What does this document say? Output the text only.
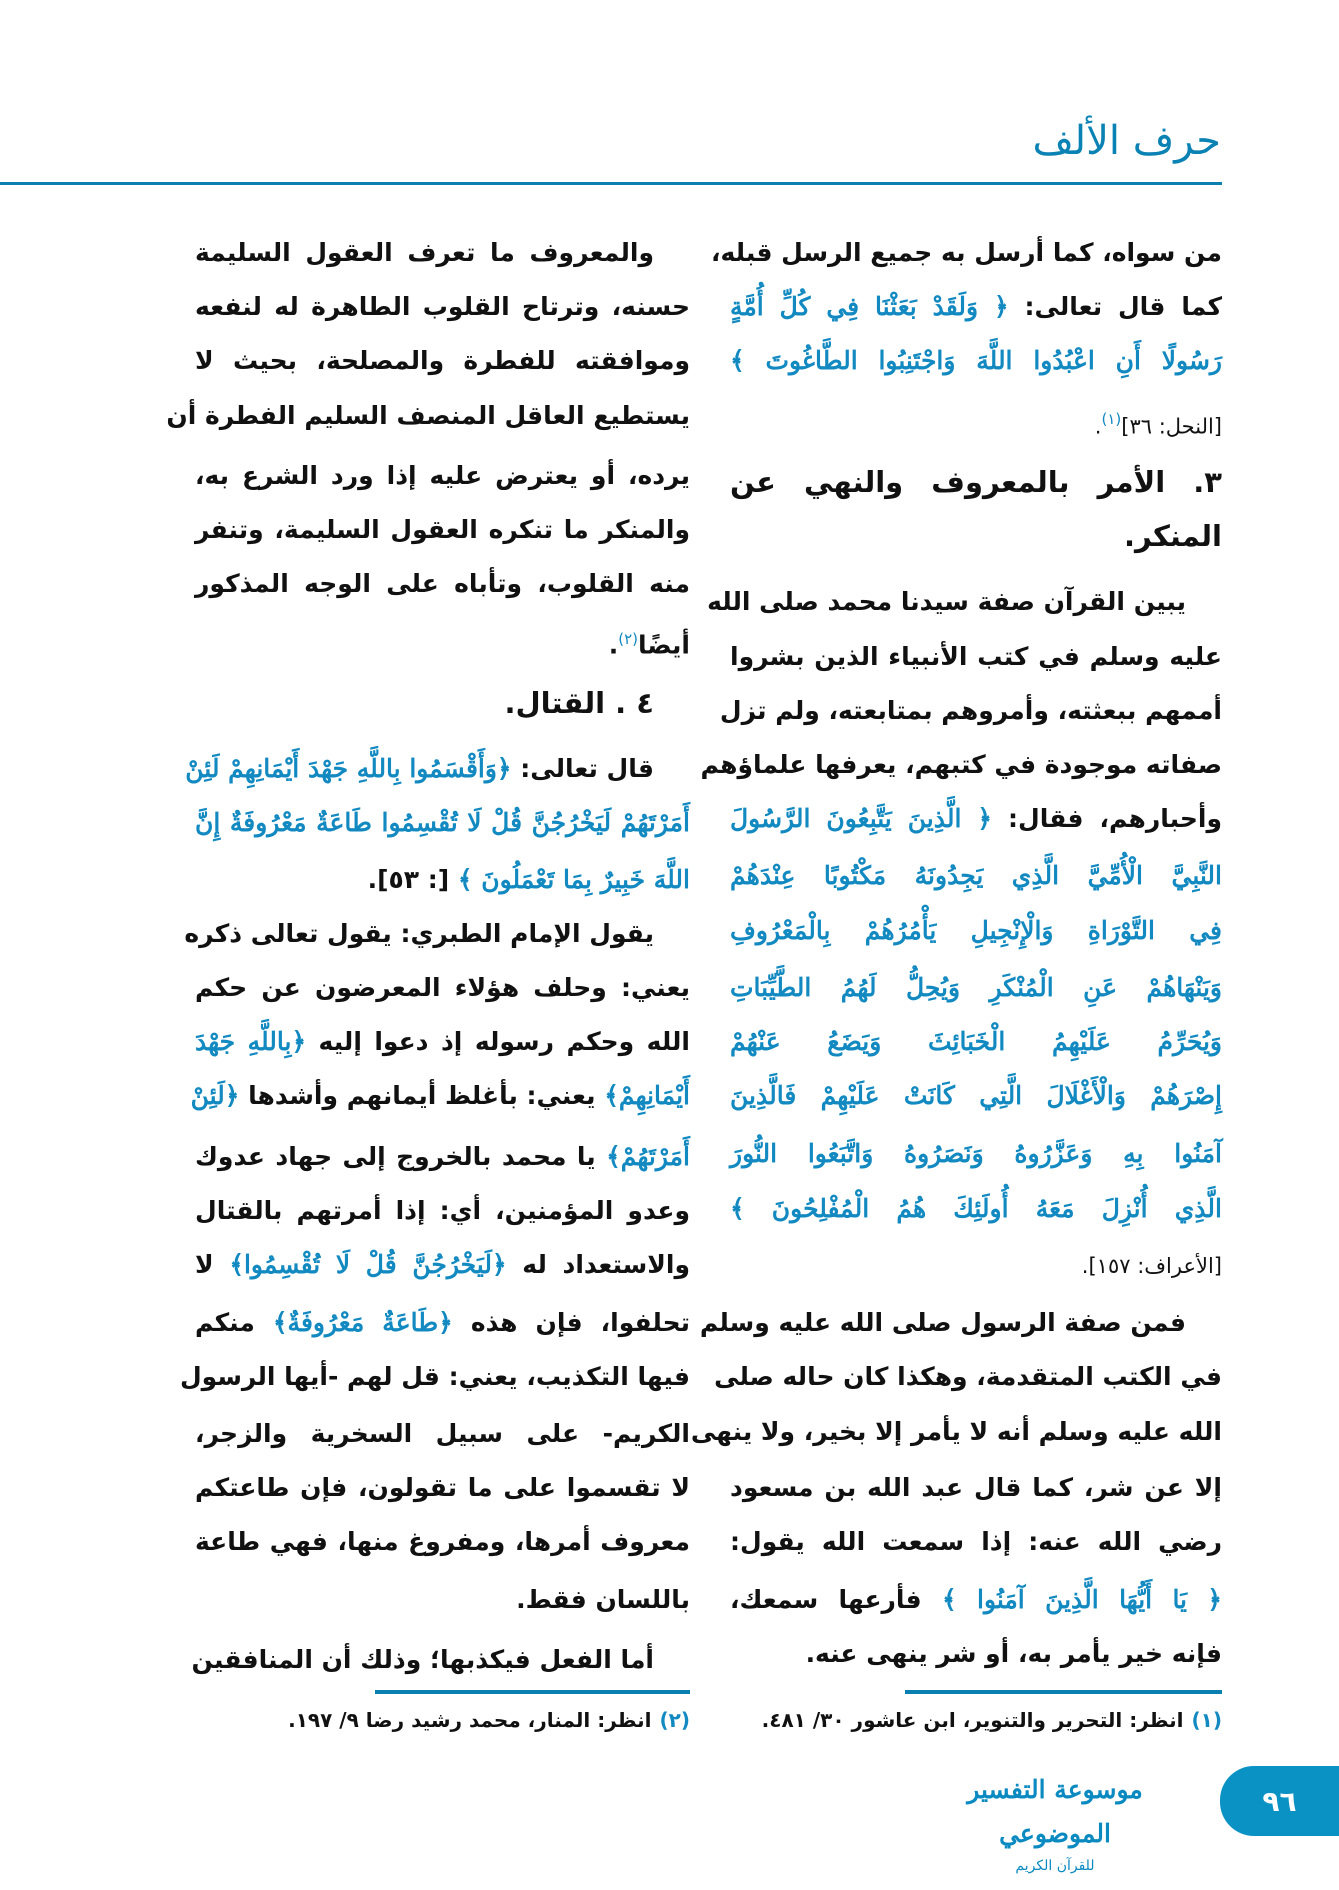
حرف الألف
من سواه، كما أرسل به جميع الرسل قبله،
كما قال تعالى: ﴿ وَلَقَدْ بَعَثْنَا فِي كُلِّ أُمَّةٍ
رَسُولًا أَنِ اعْبُدُوا اللَّهَ وَاجْتَنِبُوا الطَّاغُوتَ ﴾
[النحل: ٣٦]$^{(١)}$.
٣. الأمر بالمعروف والنهي عن
المنكر.
يبين القرآن صفة سيدنا محمد صلى الله
عليه وسلم في كتب الأنبياء الذين بشروا
أممهم ببعثته، وأمروهم بمتابعته، ولم تزل
صفاته موجودة في كتبهم، يعرفها علماؤهم
وأحبارهم، فقال: ﴿ الَّذِينَ يَتَّبِعُونَ الرَّسُولَ
النَّبِيَّ الْأُمِّيَّ الَّذِي يَجِدُونَهُ مَكْتُوبًا عِنْدَهُمْ
فِي التَّوْرَاةِ وَالْإِنْجِيلِ يَأْمُرُهُمْ بِالْمَعْرُوفِ
وَيَنْهَاهُمْ عَنِ الْمُنْكَرِ وَيُحِلُّ لَهُمُ الطَّيِّبَاتِ
وَيُحَرِّمُ عَلَيْهِمُ الْخَبَائِثَ وَيَضَعُ عَنْهُمْ
إِصْرَهُمْ وَالْأَغْلَالَ الَّتِي كَانَتْ عَلَيْهِمْ فَالَّذِينَ
آمَنُوا بِهِ وَعَزَّرُوهُ وَنَصَرُوهُ وَاتَّبَعُوا النُّورَ
الَّذِي أُنْزِلَ مَعَهُ أُولَئِكَ هُمُ الْمُفْلِحُونَ ﴾
[الأعراف: ١٥٧].
فمن صفة الرسول صلى الله عليه وسلم
في الكتب المتقدمة، وهكذا كان حاله صلى
الله عليه وسلم أنه لا يأمر إلا بخير، ولا ينهى
إلا عن شر، كما قال عبد الله بن مسعود
رضي الله عنه: إذا سمعت الله يقول:
﴿ يَا أَيُّهَا الَّذِينَ آمَنُوا ﴾ فأرعها سمعك،
فإنه خير يأمر به، أو شر ينهى عنه.
والمعروف ما تعرف العقول السليمة
حسنه، وترتاح القلوب الطاهرة له لنفعه
وموافقته للفطرة والمصلحة، بحيث لا
يستطيع العاقل المنصف السليم الفطرة أن
يرده، أو يعترض عليه إذا ورد الشرع به،
والمنكر ما تنكره العقول السليمة، وتنفر
منه القلوب، وتأباه على الوجه المذكور
أيضًا$^{(٢)}$.
٤ . القتال.
قال تعالى: ﴿وَأَقْسَمُوا بِاللَّهِ جَهْدَ أَيْمَانِهِمْ لَئِنْ
أَمَرْتَهُمْ لَيَخْرُجُنَّ قُلْ لَا تُقْسِمُوا طَاعَةٌ مَعْرُوفَةٌ إِنَّ
اللَّهَ خَبِيرٌ بِمَا تَعْمَلُونَ ﴾ [: ٥٣].
يقول الإمام الطبري: يقول تعالى ذكره
يعني: وحلف هؤلاء المعرضون عن حكم
الله وحكم رسوله إذ دعوا إليه ﴿بِاللَّهِ جَهْدَ
أَيْمَانِهِمْ﴾ يعني: بأغلظ أيمانهم وأشدها ﴿لَئِنْ
أَمَرْتَهُمْ﴾ يا محمد بالخروج إلى جهاد عدوك
وعدو المؤمنين، أي: إذا أمرتهم بالقتال
والاستعداد له ﴿لَيَخْرُجُنَّ قُلْ لَا تُقْسِمُوا﴾ لا
تحلفوا، فإن هذه ﴿طَاعَةٌ مَعْرُوفَةٌ﴾ منكم
فيها التكذيب، يعني: قل لهم -أيها الرسول
الكريم- على سبيل السخرية والزجر،
لا تقسموا على ما تقولون، فإن طاعتكم
معروف أمرها، ومفروغ منها، فهي طاعة
باللسان فقط.
أما الفعل فيكذبها؛ وذلك أن المنافقين
(١)انظر: التحرير والتنوير، ابن عاشور ٣٠/ ٤٨١.
(٢)انظر: المنار، محمد رشيد رضا ٩/ ١٩٧.
موسوعة التفسير الموضوعي
للقرآن الكريم
٩٦
